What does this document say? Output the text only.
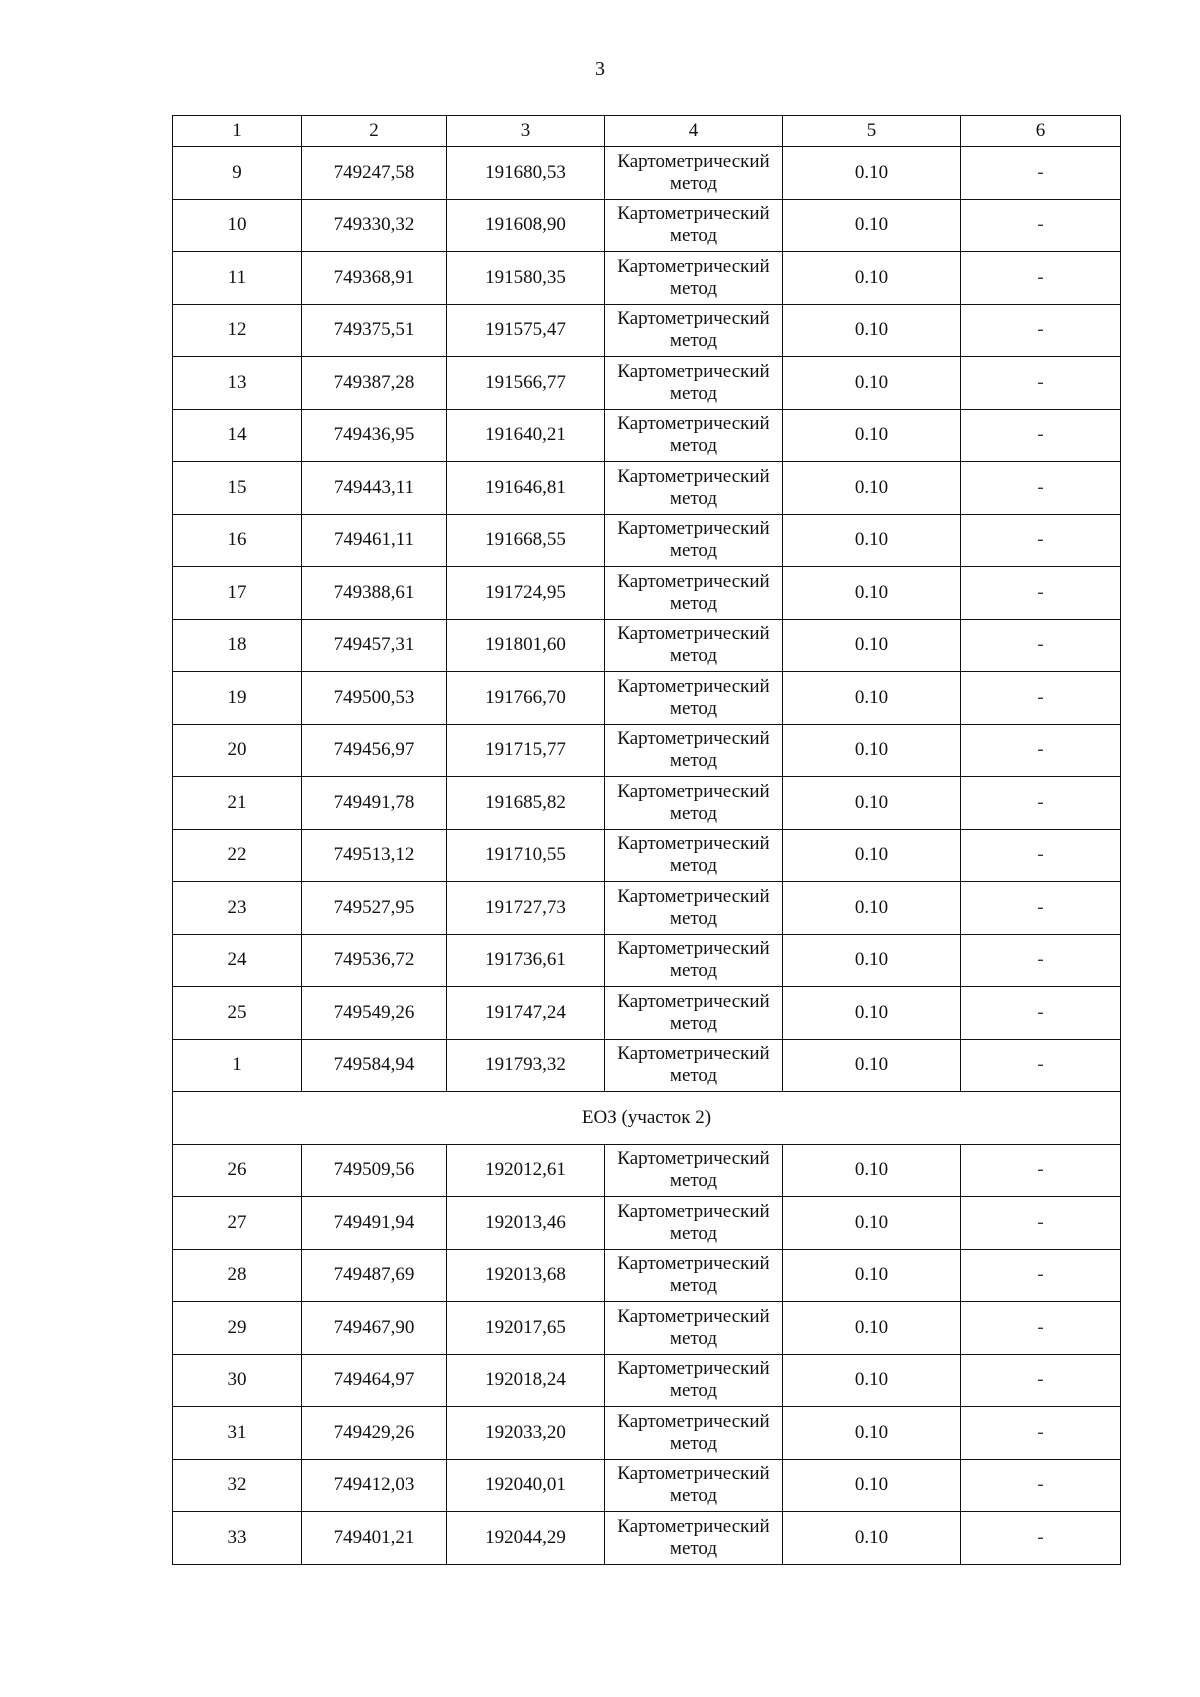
3
1	2	3	4	5	6
9	749247,58	191680,53	Картометрический
метод	0.10	-
10	749330,32	191608,90	Картометрический
метод	0.10	-
11	749368,91	191580,35	Картометрический
метод	0.10	-
12	749375,51	191575,47	Картометрический
метод	0.10	-
13	749387,28	191566,77	Картометрический
метод	0.10	-
14	749436,95	191640,21	Картометрический
метод	0.10	-
15	749443,11	191646,81	Картометрический
метод	0.10	-
16	749461,11	191668,55	Картометрический
метод	0.10	-
17	749388,61	191724,95	Картометрический
метод	0.10	-
18	749457,31	191801,60	Картометрический
метод	0.10	-
19	749500,53	191766,70	Картометрический
метод	0.10	-
20	749456,97	191715,77	Картометрический
метод	0.10	-
21	749491,78	191685,82	Картометрический
метод	0.10	-
22	749513,12	191710,55	Картометрический
метод	0.10	-
23	749527,95	191727,73	Картометрический
метод	0.10	-
24	749536,72	191736,61	Картометрический
метод	0.10	-
25	749549,26	191747,24	Картометрический
метод	0.10	-
1	749584,94	191793,32	Картометрический
метод	0.10	-
ЕОЗ (участок 2)					
26	749509,56	192012,61	Картометрический
метод	0.10	-
27	749491,94	192013,46	Картометрический
метод	0.10	-
28	749487,69	192013,68	Картометрический
метод	0.10	-
29	749467,90	192017,65	Картометрический
метод	0.10	-
30	749464,97	192018,24	Картометрический
метод	0.10	-
31	749429,26	192033,20	Картометрический
метод	0.10	-
32	749412,03	192040,01	Картометрический
метод	0.10	-
33	749401,21	192044,29	Картометрический
метод	0.10	-
